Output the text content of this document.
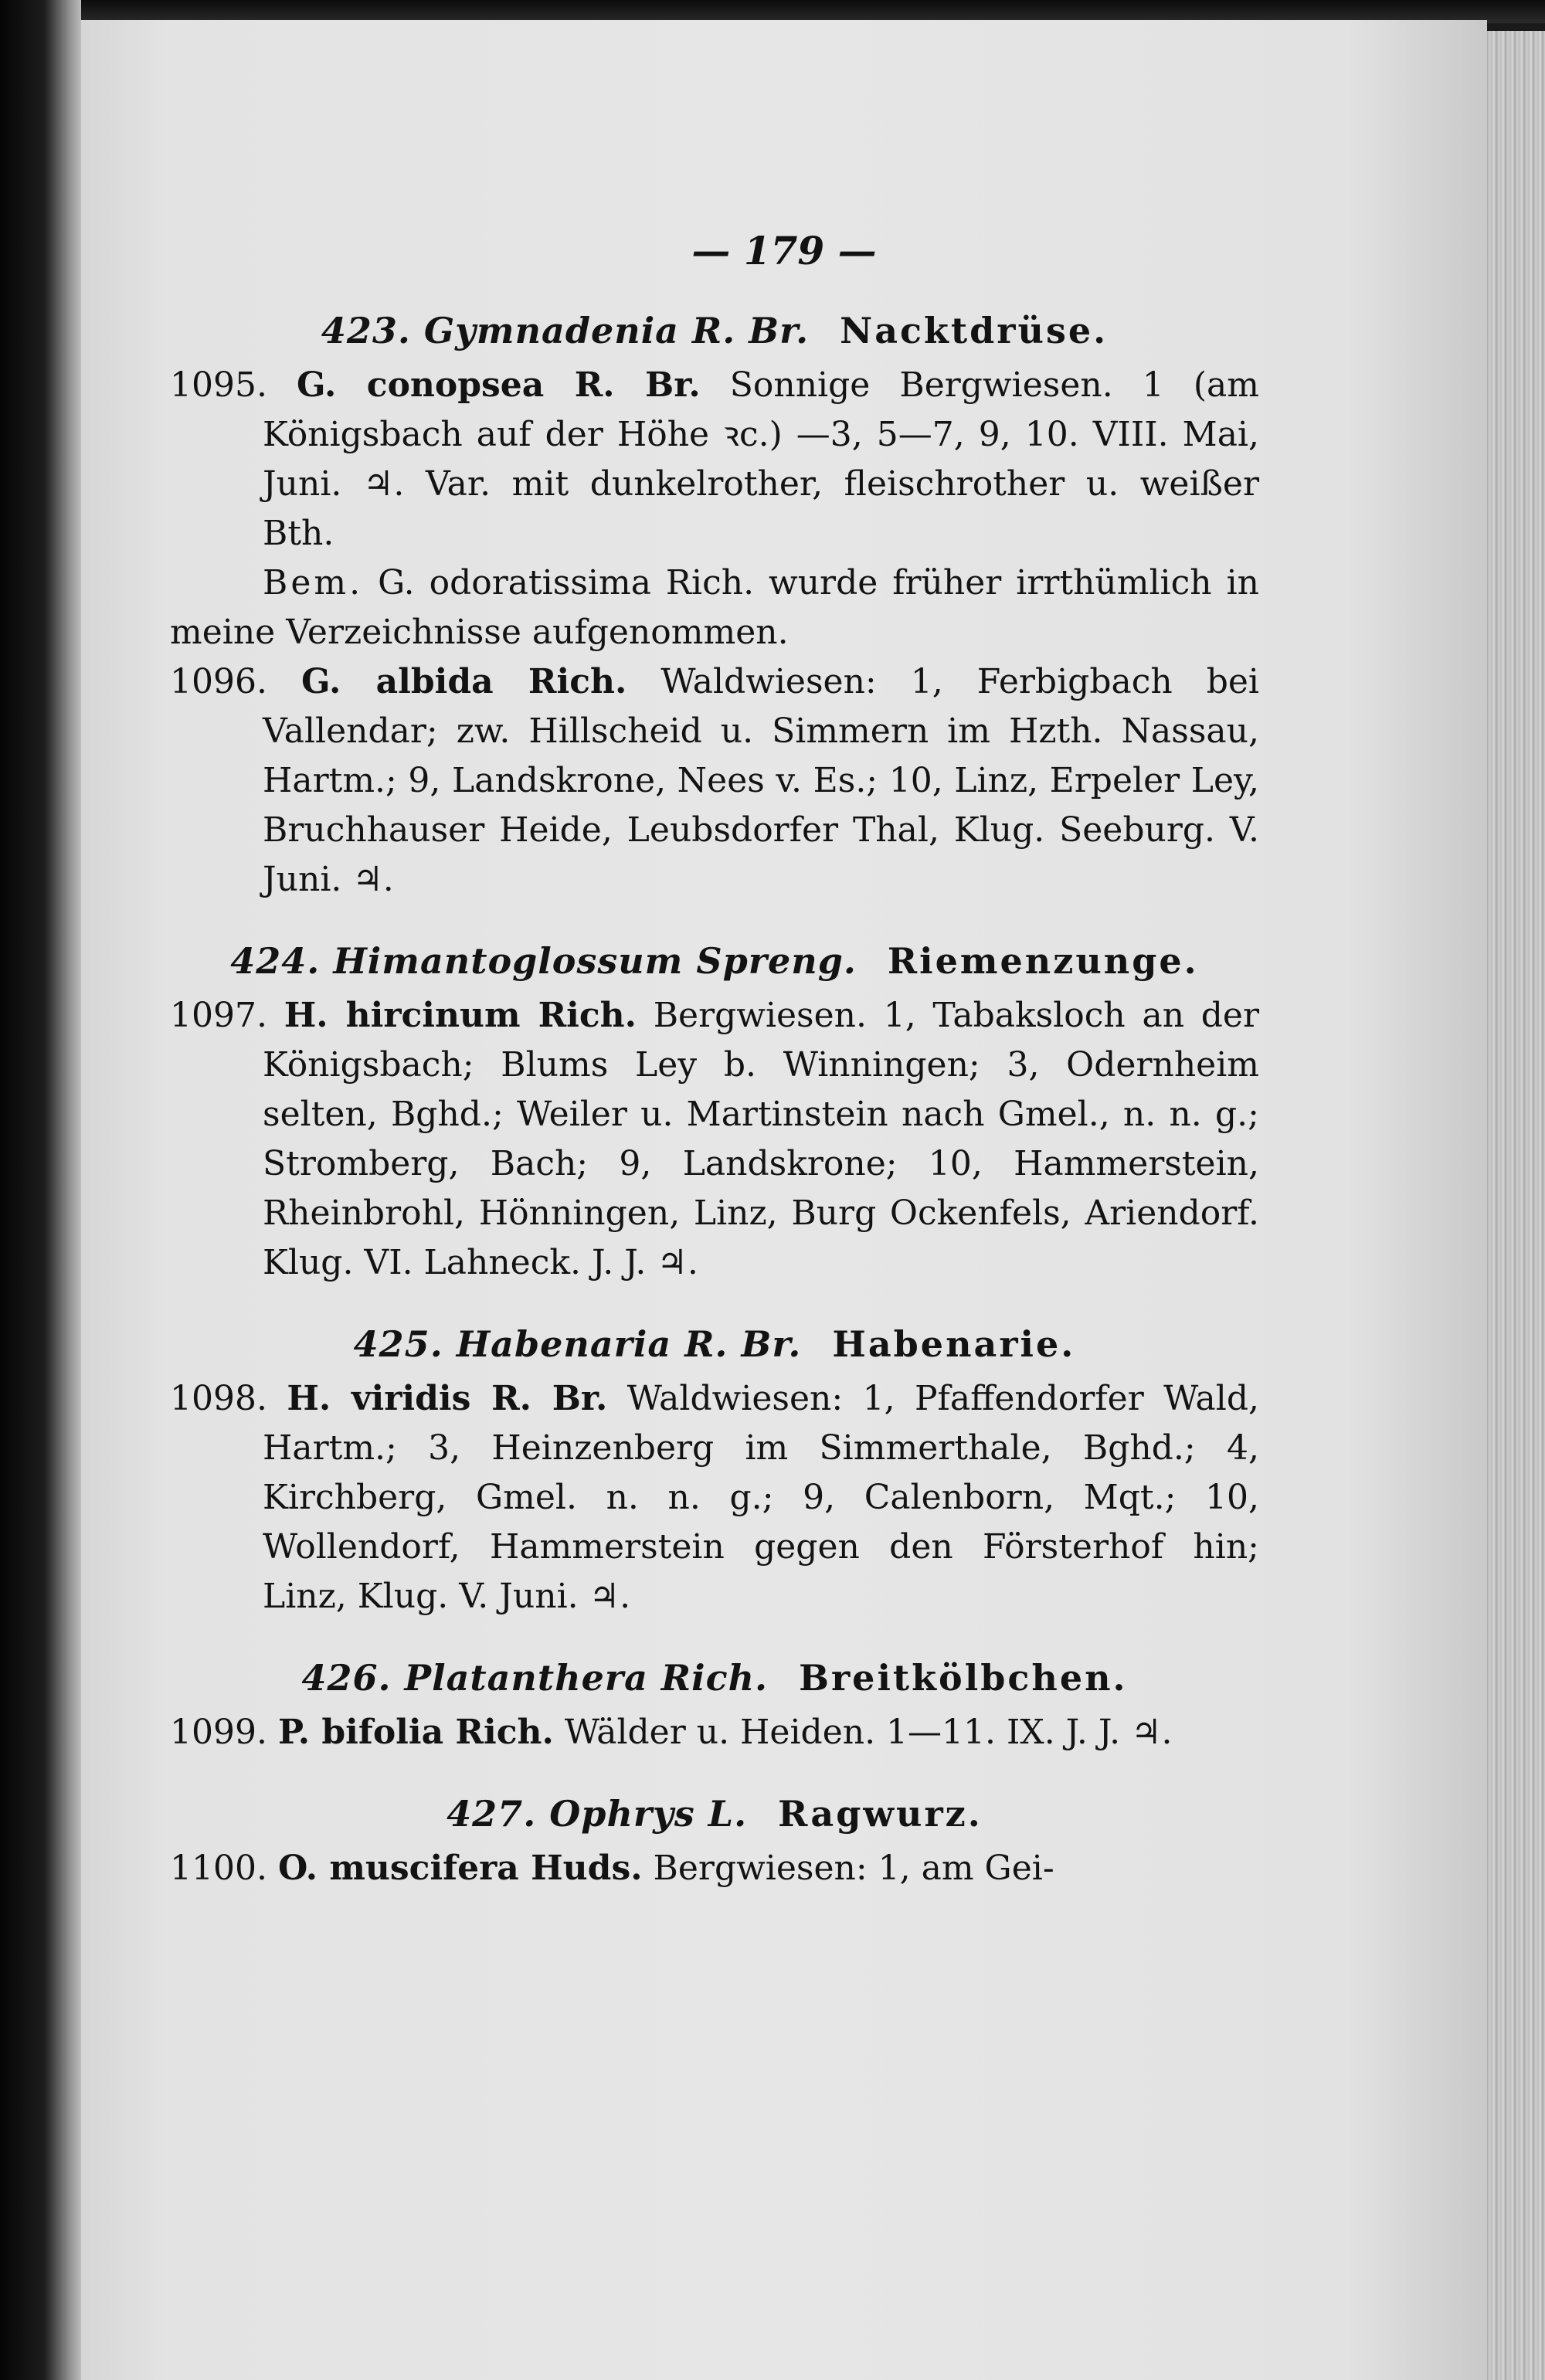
— 179 —
423. Gymnadenia R. Br. Nacktdrüse.
1095. G. conopsea R. Br. Sonnige Bergwiesen. 1 (am Königsbach auf der Höhe ꝛc.) —3, 5—7, 9, 10. VIII. Mai, Juni. ♃. Var. mit dunkelrother, fleischrother u. weißer Bth.
Bem. G. odoratissima Rich. wurde früher irrthümlich in meine Verzeichnisse aufgenommen.
1096. G. albida Rich. Waldwiesen: 1, Ferbigbach bei Vallendar; zw. Hillscheid u. Simmern im Hzth. Nassau, Hartm.; 9, Landskrone, Nees v. Es.; 10, Linz, Erpeler Ley, Bruchhauser Heide, Leubsdorfer Thal, Klug. Seeburg. V. Juni. ♃.
424. Himantoglossum Spreng. Riemenzunge.
1097. H. hircinum Rich. Bergwiesen. 1, Tabaksloch an der Königsbach; Blums Ley b. Winningen; 3, Odernheim selten, Bghd.; Weiler u. Martinstein nach Gmel., n. n. g.; Stromberg, Bach; 9, Landskrone; 10, Hammerstein, Rheinbrohl, Hönningen, Linz, Burg Ockenfels, Ariendorf. Klug. VI. Lahneck. J. J. ♃.
425. Habenaria R. Br. Habenarie.
1098. H. viridis R. Br. Waldwiesen: 1, Pfaffendorfer Wald, Hartm.; 3, Heinzenberg im Simmerthale, Bghd.; 4, Kirchberg, Gmel. n. n. g.; 9, Calenborn, Mqt.; 10, Wollendorf, Hammerstein gegen den Försterhof hin; Linz, Klug. V. Juni. ♃.
426. Platanthera Rich. Breitkölbchen.
1099. P. bifolia Rich. Wälder u. Heiden. 1—11. IX. J. J. ♃.
427. Ophrys L. Ragwurz.
1100. O. muscifera Huds. Bergwiesen: 1, am Gei-
